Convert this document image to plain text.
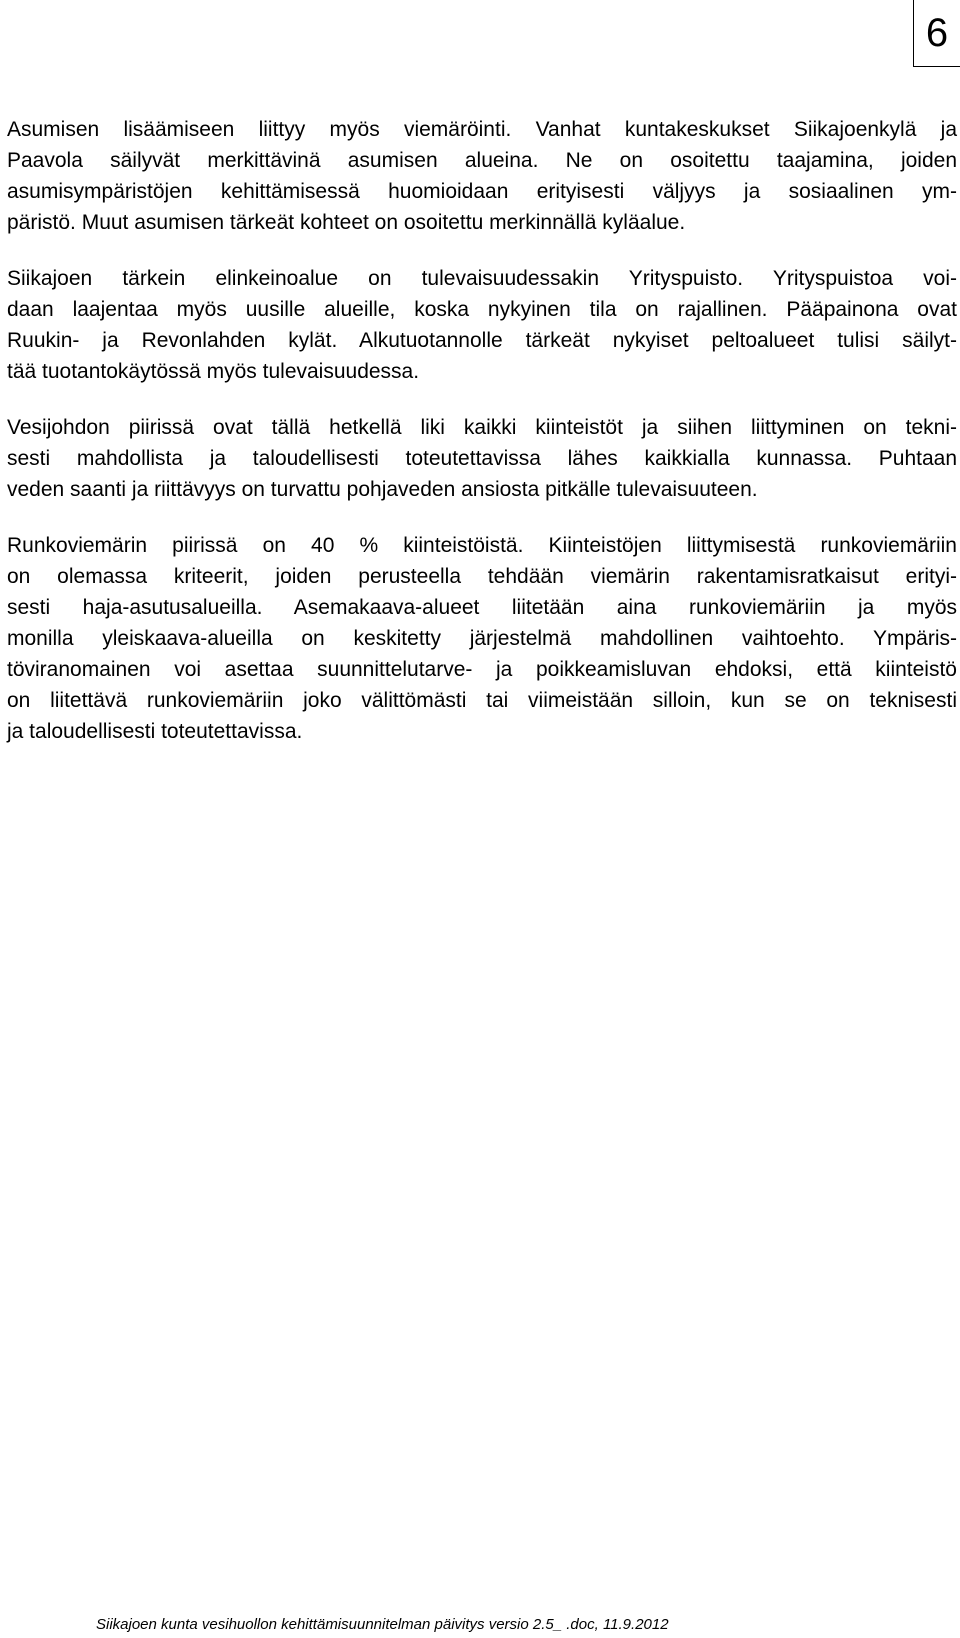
6

Asumisen lisäämiseen liittyy myös viemäröinti. Vanhat kuntakeskukset Siikajoenkylä ja
Paavola säilyvät merkittävinä asumisen alueina. Ne on osoitettu taajamina, joiden
asumisympäristöjen kehittämisessä huomioidaan erityisesti väljyys ja sosiaalinen ym-
päristö. Muut asumisen tärkeät kohteet on osoitettu merkinnällä kyläalue.

Siikajoen tärkein elinkeinoalue on tulevaisuudessakin Yrityspuisto. Yrityspuistoa voi-
daan laajentaa myös uusille alueille, koska nykyinen tila on rajallinen. Pääpainona ovat
Ruukin- ja Revonlahden kylät. Alkutuotannolle tärkeät nykyiset peltoalueet tulisi säilyt-
tää tuotantokäytössä myös tulevaisuudessa.

Vesijohdon piirissä ovat tällä hetkellä liki kaikki kiinteistöt ja siihen liittyminen on tekni-
sesti mahdollista ja taloudellisesti toteutettavissa lähes kaikkialla kunnassa. Puhtaan
veden saanti ja riittävyys on turvattu pohjaveden ansiosta pitkälle tulevaisuuteen.

Runkoviemärin piirissä on 40 % kiinteistöistä. Kiinteistöjen liittymisestä runkoviemäriin
on olemassa kriteerit, joiden perusteella tehdään viemärin rakentamisratkaisut erityi-
sesti haja-asutusalueilla. Asemakaava-alueet liitetään aina runkoviemäriin ja myös
monilla yleiskaava-alueilla on keskitetty järjestelmä mahdollinen vaihtoehto. Ympäris-
töviranomainen voi asettaa suunnittelutarve- ja poikkeamisluvan ehdoksi, että kiinteistö
on liitettävä runkoviemäriin joko välittömästi tai viimeistään silloin, kun se on teknisesti
ja taloudellisesti toteutettavissa.

Siikajoen kunta vesihuollon kehittämisuunnitelman päivitys versio 2.5_ .doc, 11.9.2012
